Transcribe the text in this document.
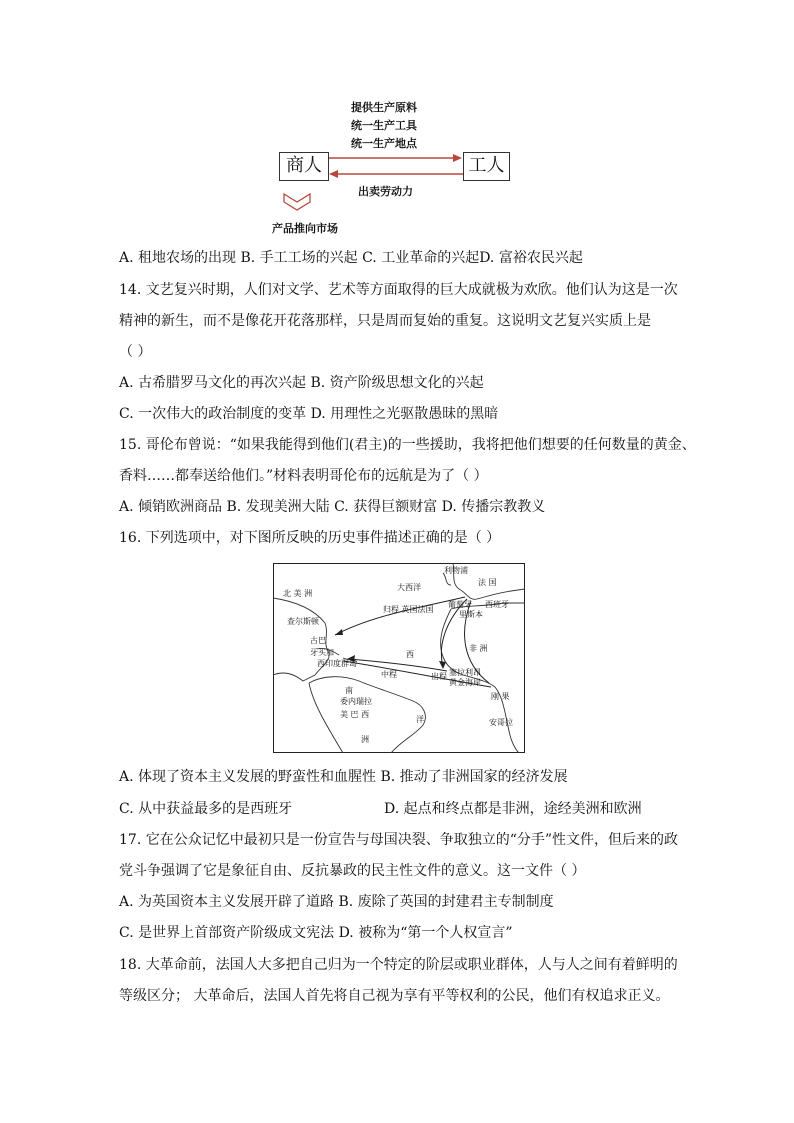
提供生产原料
统一生产工具
统一生产地点
商人	工人
出卖劳动力
产品推向市场
A. 租地农场的出现 B. 手工工场的兴起 C. 工业革命的兴起D. 富裕农民兴起
14. 文艺复兴时期，人们对文学、艺术等方面取得的巨大成就极为欢欣。他们认为这是一次
精神的新生，而不是像花开花落那样，只是周而复始的重复。这说明文艺复兴实质上是
（ ）
A. 古希腊罗马文化的再次兴起 B. 资产阶级思想文化的兴起
C. 一次伟大的政治制度的变革 D. 用理性之光驱散愚昧的黑暗
15. 哥伦布曾说：“如果我能得到他们(君主)的一些援助，我将把他们想要的任何数量的黄金、
香料……都奉送给他们。”材料表明哥伦布的远航是为了（ ）
A. 倾销欧洲商品 B. 发现美洲大陆 C. 获得巨额财富 D. 传播宗教教义
16. 下列选项中，对下图所反映的历史事件描述正确的是（ ）
北 美 洲
大西洋
利物浦
法 国
归程 英国法国
葡萄牙 西班牙
里斯本
查尔斯顿
古巴
牙买加
西印度群岛
非 洲
西
中程	出程 塞拉利昂
黄金海岸
刚 果
南
委内瑞拉
美 巴 西
洋	安哥拉
洲
A. 体现了资本主义发展的野蛮性和血腥性 B. 推动了非洲国家的经济发展
C. 从中获益最多的是西班牙	D. 起点和终点都是非洲，途经美洲和欧洲
17. 它在公众记忆中最初只是一份宣告与母国决裂、争取独立的“分手”性文件，但后来的政
党斗争强调了它是象征自由、反抗暴政的民主性文件的意义。这一文件（ ）
A. 为英国资本主义发展开辟了道路 B. 废除了英国的封建君主专制制度
C. 是世界上首部资产阶级成文宪法 D. 被称为“第一个人权宣言”
18. 大革命前，法国人大多把自己归为一个特定的阶层或职业群体，人与人之间有着鲜明的
等级区分； 大革命后，法国人首先将自己视为享有平等权利的公民，他们有权追求正义。
